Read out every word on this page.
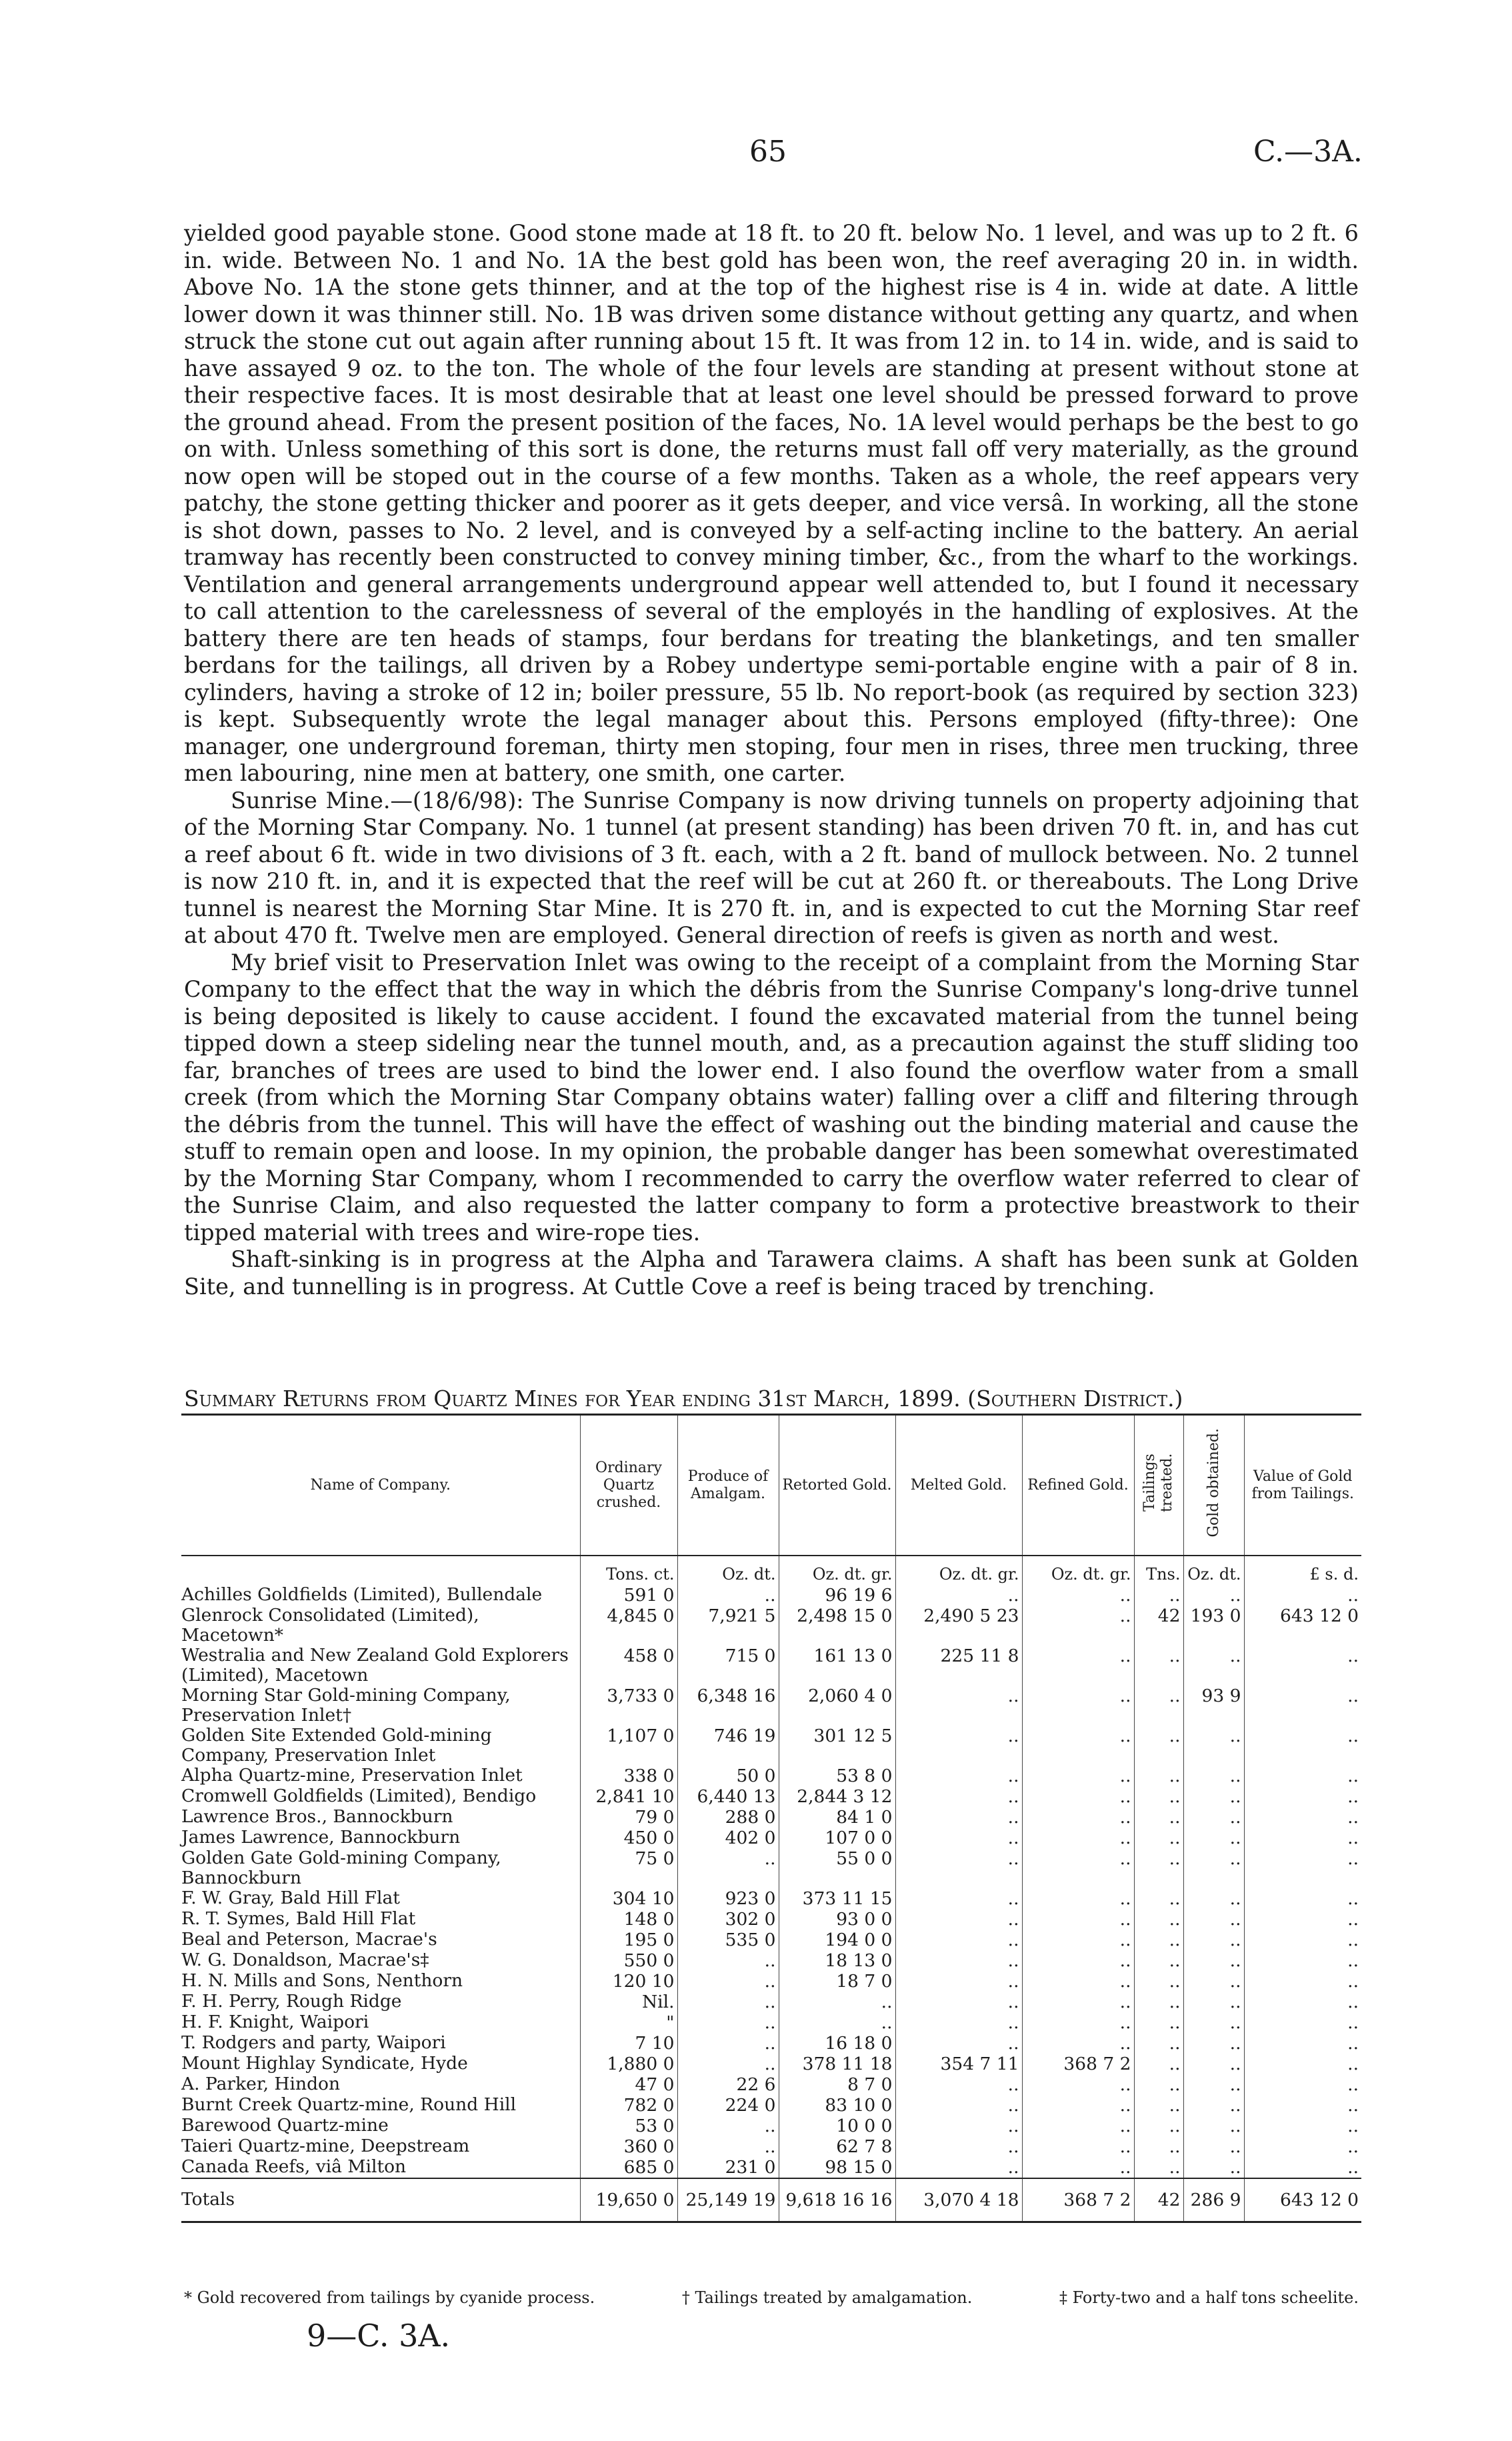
65	C.—3A.

yielded good payable stone. Good stone made at 18 ft. to 20 ft. below No. 1 level, and was up to 2 ft. 6 in. wide. Between No. 1 and No. 1A the best gold has been won, the reef averaging 20 in. in width. Above No. 1A the stone gets thinner, and at the top of the highest rise is 4 in. wide at date. A little lower down it was thinner still. No. 1B was driven some distance without getting any quartz, and when struck the stone cut out again after running about 15 ft. It was from 12 in. to 14 in. wide, and is said to have assayed 9 oz. to the ton. The whole of the four levels are standing at present without stone at their respective faces. It is most desirable that at least one level should be pressed forward to prove the ground ahead. From the present position of the faces, No. 1A level would perhaps be the best to go on with. Unless something of this sort is done, the returns must fall off very materially, as the ground now open will be stoped out in the course of a few months. Taken as a whole, the reef appears very patchy, the stone getting thicker and poorer as it gets deeper, and vice versâ. In working, all the stone is shot down, passes to No. 2 level, and is conveyed by a self-acting incline to the battery. An aerial tramway has recently been constructed to convey mining timber, &c., from the wharf to the workings. Ventilation and general arrangements underground appear well attended to, but I found it necessary to call attention to the carelessness of several of the employés in the handling of explosives. At the battery there are ten heads of stamps, four berdans for treating the blanketings, and ten smaller berdans for the tailings, all driven by a Robey undertype semi-portable engine with a pair of 8 in. cylinders, having a stroke of 12 in; boiler pressure, 55 lb. No report-book (as required by section 323) is kept. Subsequently wrote the legal manager about this. Persons employed (fifty-three): One manager, one underground foreman, thirty men stoping, four men in rises, three men trucking, three men labouring, nine men at battery, one smith, one carter.

Sunrise Mine.—(18/6/98): The Sunrise Company is now driving tunnels on property adjoining that of the Morning Star Company. No. 1 tunnel (at present standing) has been driven 70 ft. in, and has cut a reef about 6 ft. wide in two divisions of 3 ft. each, with a 2 ft. band of mullock between. No. 2 tunnel is now 210 ft. in, and it is expected that the reef will be cut at 260 ft. or thereabouts. The Long Drive tunnel is nearest the Morning Star Mine. It is 270 ft. in, and is expected to cut the Morning Star reef at about 470 ft. Twelve men are employed. General direction of reefs is given as north and west.

My brief visit to Preservation Inlet was owing to the receipt of a complaint from the Morning Star Company to the effect that the way in which the débris from the Sunrise Company's long-drive tunnel is being deposited is likely to cause accident. I found the excavated material from the tunnel being tipped down a steep sideling near the tunnel mouth, and, as a precaution against the stuff sliding too far, branches of trees are used to bind the lower end. I also found the overflow water from a small creek (from which the Morning Star Company obtains water) falling over a cliff and filtering through the débris from the tunnel. This will have the effect of washing out the binding material and cause the stuff to remain open and loose. In my opinion, the probable danger has been somewhat overestimated by the Morning Star Company, whom I recommended to carry the overflow water referred to clear of the Sunrise Claim, and also requested the latter company to form a protective breastwork to their tipped material with trees and wire-rope ties.

Shaft-sinking is in progress at the Alpha and Tarawera claims. A shaft has been sunk at Golden Site, and tunnelling is in progress. At Cuttle Cove a reef is being traced by trenching.

Summary Returns from Quartz Mines for Year ending 31st March, 1899. (Southern District.)
Name of Company.	Ordinary Quartz crushed.	Produce of Amalgam.	Retorted Gold.	Melted Gold.	Refined Gold.	Tailings treated.	Gold obtained.	Value of Gold from Tailings.
	Tons. ct.	Oz. dt.	Oz. dt. gr.	Oz. dt. gr.	Oz. dt. gr.	Tns.	Oz. dt.	£ s. d.
Achilles Goldfields (Limited), Bullendale	591 0	..	96 19 6	..	..	..	..	..
Glenrock Consolidated (Limited), Macetown*	4,845 0	7,921 5	2,498 15 0	2,490 5 23	..	42	193 0	643 12 0
Westralia and New Zealand Gold Explorers (Limited), Macetown	458 0	715 0	161 13 0	225 11 8	..	..	..	..
Morning Star Gold-mining Company, Preservation Inlet†	3,733 0	6,348 16	2,060 4 0	..	..	..	93 9	..
Golden Site Extended Gold-mining Company, Preservation Inlet	1,107 0	746 19	301 12 5	..	..	..	..	..
Alpha Quartz-mine, Preservation Inlet	338 0	50 0	53 8 0	..	..	..	..	..
Cromwell Goldfields (Limited), Bendigo	2,841 10	6,440 13	2,844 3 12	..	..	..	..	..
Lawrence Bros., Bannockburn	79 0	288 0	84 1 0	..	..	..	..	..
James Lawrence, Bannockburn	450 0	402 0	107 0 0	..	..	..	..	..
Golden Gate Gold-mining Company, Bannockburn	75 0	..	55 0 0	..	..	..	..	..
F. W. Gray, Bald Hill Flat	304 10	923 0	373 11 15	..	..	..	..	..
R. T. Symes, Bald Hill Flat	148 0	302 0	93 0 0	..	..	..	..	..
Beal and Peterson, Macrae's	195 0	535 0	194 0 0	..	..	..	..	..
W. G. Donaldson, Macrae's‡	550 0	..	18 13 0	..	..	..	..	..
H. N. Mills and Sons, Nenthorn	120 10	..	18 7 0	..	..	..	..	..
F. H. Perry, Rough Ridge	Nil.	..	..	..	..	..	..	..
H. F. Knight, Waipori	"	..	..	..	..	..	..	..
T. Rodgers and party, Waipori	7 10	..	16 18 0	..	..	..	..	..
Mount Highlay Syndicate, Hyde	1,880 0	..	378 11 18	354 7 11	368 7 2	..	..	..
A. Parker, Hindon	47 0	22 6	8 7 0	..	..	..	..	..
Burnt Creek Quartz-mine, Round Hill	782 0	224 0	83 10 0	..	..	..	..	..
Barewood Quartz-mine	53 0	..	10 0 0	..	..	..	..	..
Taieri Quartz-mine, Deepstream	360 0	..	62 7 8	..	..	..	..	..
Canada Reefs, viâ Milton	685 0	231 0	98 15 0	..	..	..	..	..
Totals	19,650 0	25,149 19	9,618 16 16	3,070 4 18	368 7 2	42	286 9	643 12 0
* Gold recovered from tailings by cyanide process.	† Tailings treated by amalgamation.	‡ Forty-two and a half tons scheelite.
9—C. 3A.
